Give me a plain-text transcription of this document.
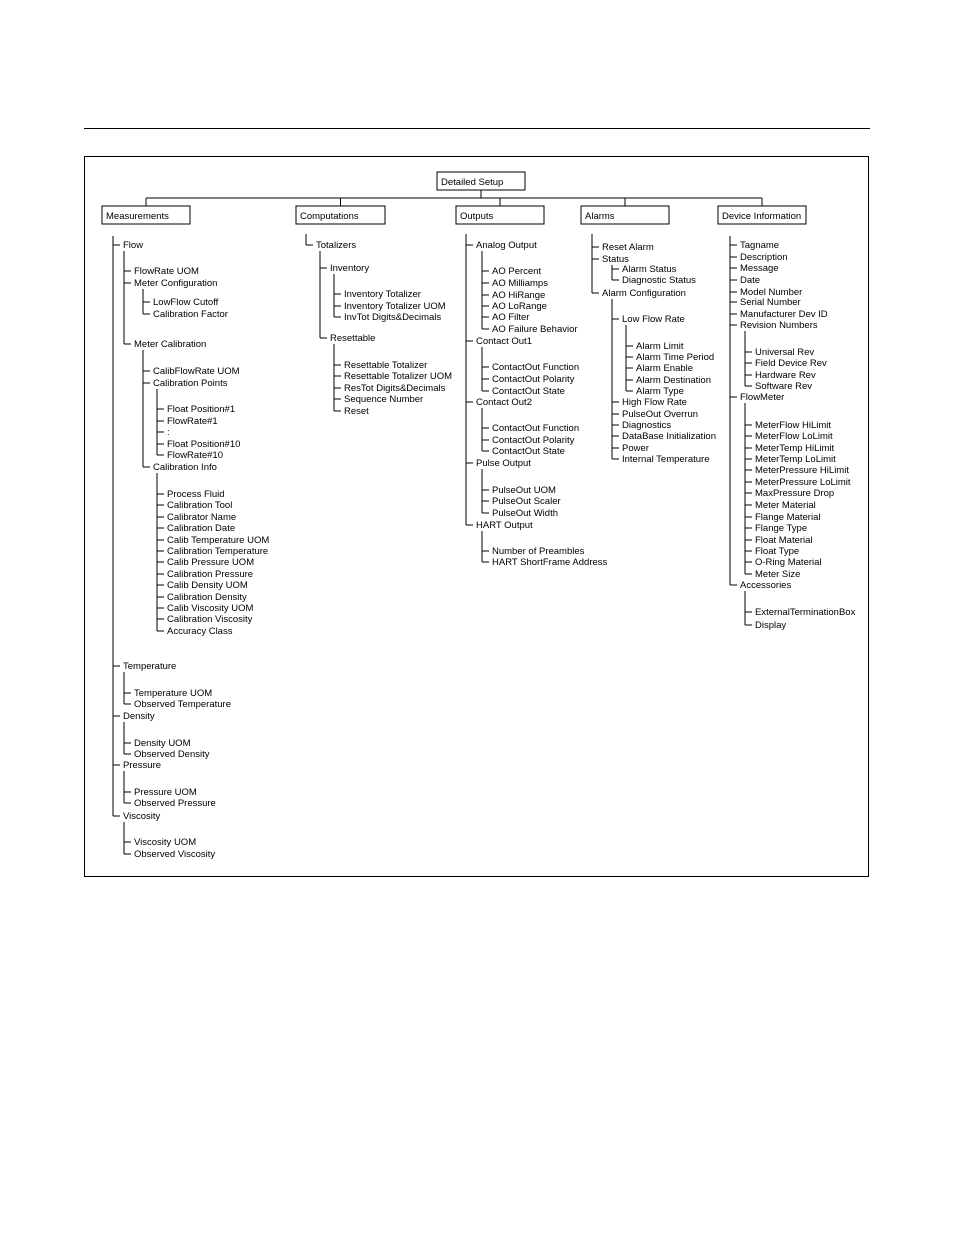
Detailed Setup
Measurements
Flow
FlowRate UOM
Meter Configuration
LowFlow Cutoff
Calibration Factor
Meter Calibration
CalibFlowRate UOM
Calibration Points
Float Position#1
FlowRate#1
:
Float Position#10
FlowRate#10
Calibration Info
Process Fluid
Calibration Tool
Calibrator Name
Calibration Date
Calib Temperature UOM
Calibration Temperature
Calib Pressure UOM
Calibration Pressure
Calib Density UOM
Calibration Density
Calib Viscosity UOM
Calibration Viscosity
Accuracy Class
Temperature
Temperature UOM
Observed Temperature
Density
Density UOM
Observed Density
Pressure
Pressure UOM
Observed Pressure
Viscosity
Viscosity UOM
Observed Viscosity
Computations
Totalizers
Inventory
Inventory Totalizer
Inventory Totalizer UOM
InvTot Digits&Decimals
Resettable
Resettable Totalizer
Resettable Totalizer UOM
ResTot Digits&Decimals
Sequence Number
Reset
Outputs
Analog Output
AO Percent
AO Milliamps
AO HiRange
AO LoRange
AO Filter
AO Failure Behavior
Contact Out1
ContactOut Function
ContactOut Polarity
ContactOut State
Contact Out2
ContactOut Function
ContactOut Polarity
ContactOut State
Pulse Output
PulseOut UOM
PulseOut Scaler
PulseOut Width
HART Output
Number of Preambles
HART ShortFrame Address
Alarms
Reset Alarm
Status
Alarm Status
Diagnostic Status
Alarm Configuration
Low Flow Rate
Alarm Limit
Alarm Time Period
Alarm Enable
Alarm Destination
Alarm Type
High Flow Rate
PulseOut Overrun
Diagnostics
DataBase Initialization
Power
Internal Temperature
Device Information
Tagname
Description
Message
Date
Model Number
Serial Number
Manufacturer Dev ID
Revision Numbers
Universal Rev
Field Device Rev
Hardware Rev
Software Rev
FlowMeter
MeterFlow HiLimit
MeterFlow LoLimit
MeterTemp HiLimit
MeterTemp LoLimit
MeterPressure HiLimit
MeterPressure LoLimit
MaxPressure Drop
Meter Material
Flange Material
Flange Type
Float Material
Float Type
O-Ring Material
Meter Size
Accessories
ExternalTerminationBox
Display
